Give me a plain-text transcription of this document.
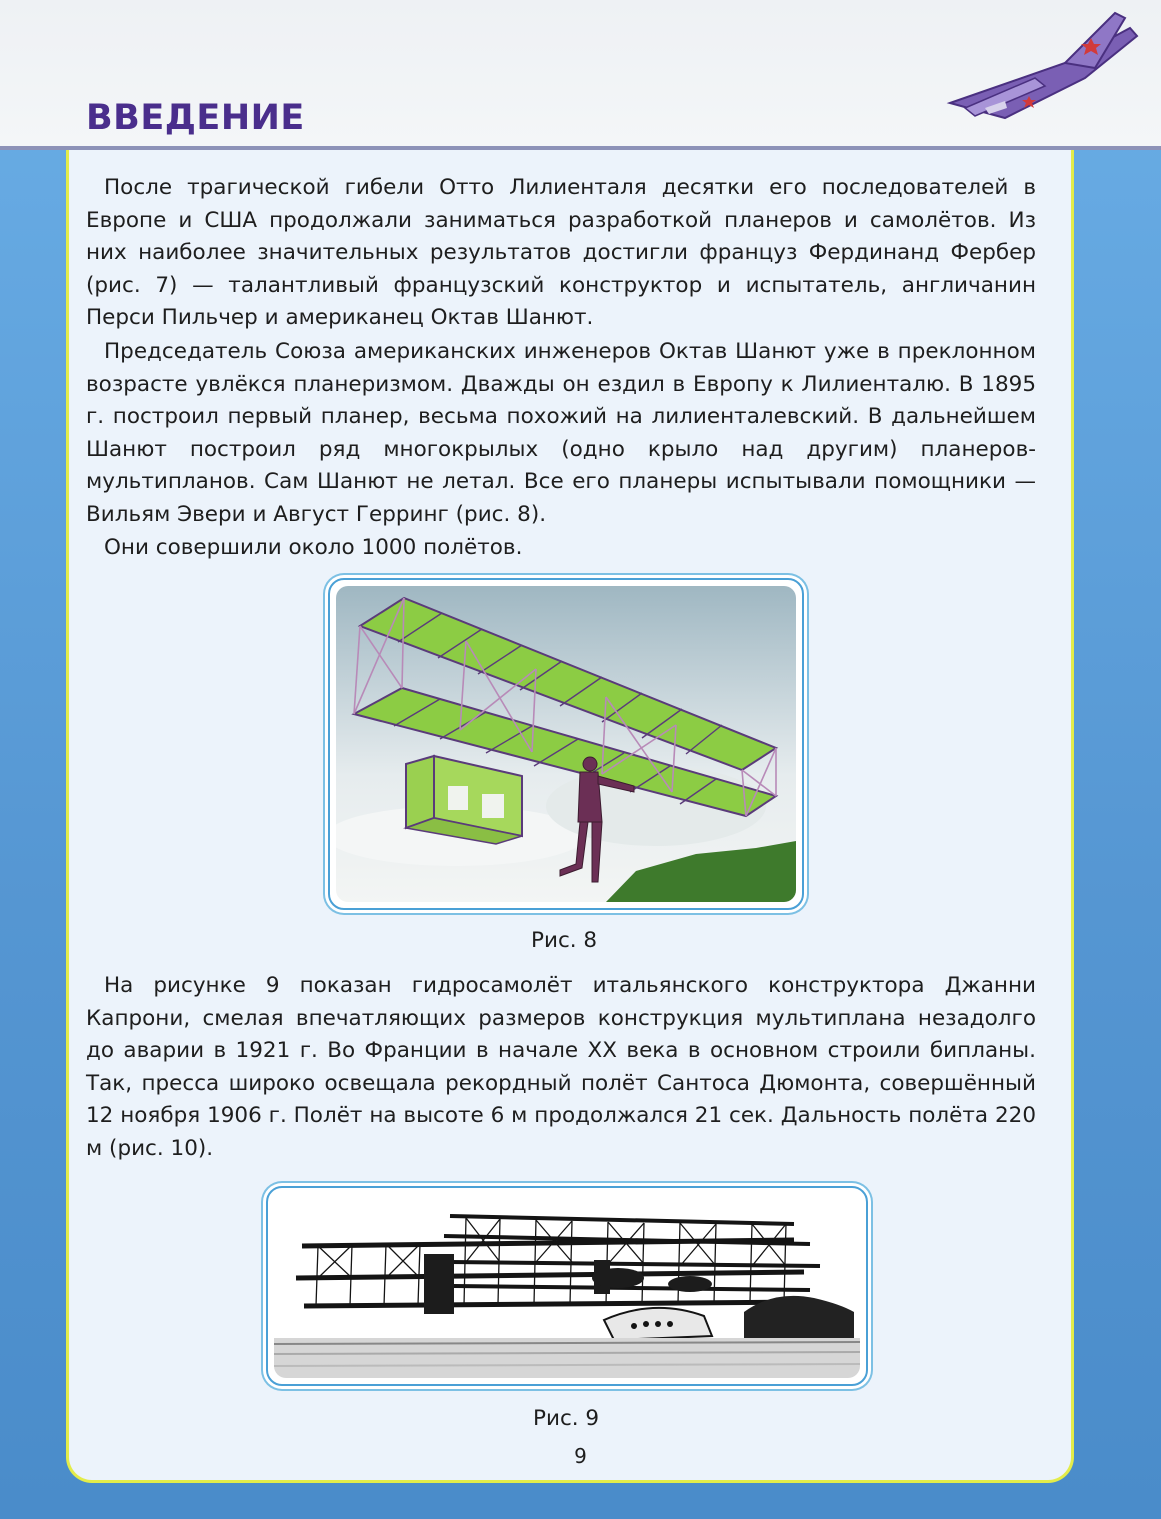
ВВЕДЕНИЕ

После трагической гибели Отто Лилиенталя десятки его последователей в Европе и США продолжали заниматься разработкой планеров и самолётов. Из них наиболее значительных результатов достигли француз Фердинанд Фербер (рис. 7) — талантливый французский конструктор и испытатель, англичанин Перси Пильчер и американец Октав Шанют.

Председатель Союза американских инженеров Октав Шанют уже в преклонном возрасте увлёкся планеризмом. Дважды он ездил в Европу к Лилиенталю. В 1895 г. построил первый планер, весьма похожий на лилиенталевский. В дальнейшем Шанют построил ряд многокрылых (одно крыло над другим) планеров-мультипланов. Сам Шанют не летал. Все его планеры испытывали помощники — Вильям Эвери и Август Герринг (рис. 8).

Они совершили около 1000 полётов.

Рис. 8

На рисунке 9 показан гидросамолёт итальянского конструктора Джанни Капрони, смелая впечатляющих размеров конструкция мультиплана незадолго до аварии в 1921 г. Во Франции в начале XX века в основном строили бипланы. Так, пресса широко освещала рекордный полёт Сантоса Дюмонта, совершённый 12 ноября 1906 г. Полёт на высоте 6 м продолжался 21 сек. Дальность полёта 220 м (рис. 10).

Рис. 9

9
